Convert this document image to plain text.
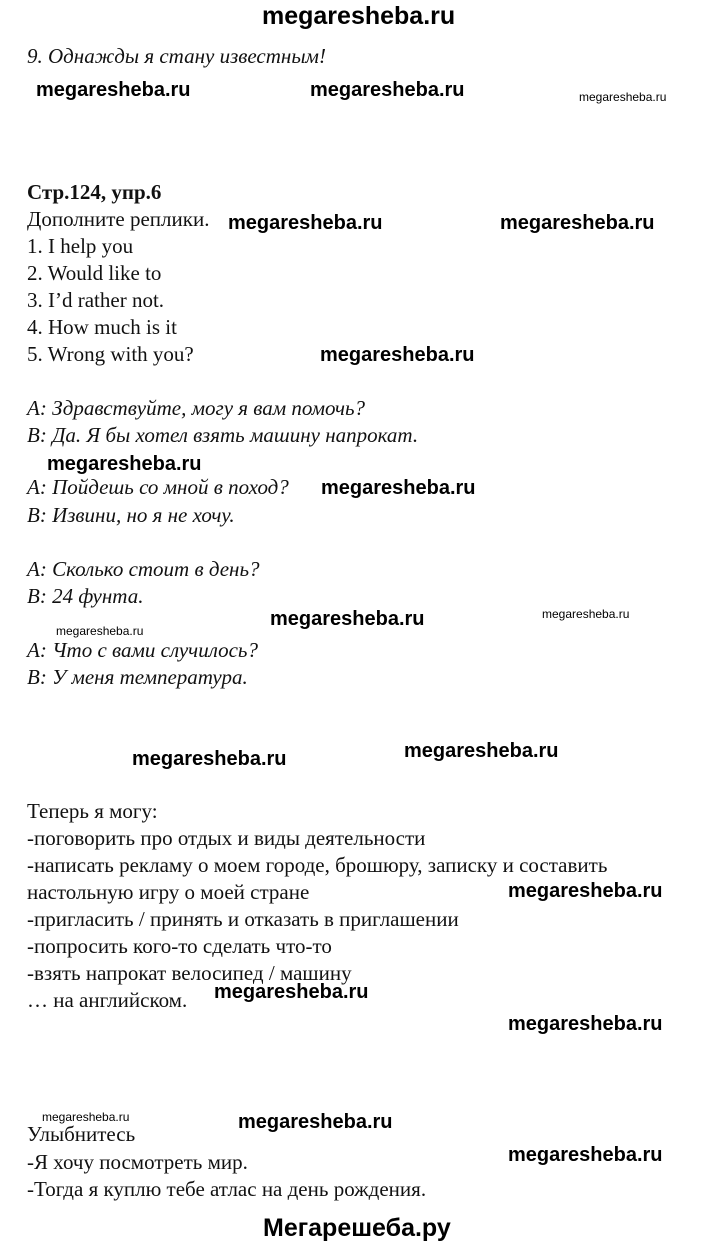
megaresheba.ru
9. Однажды я стану известным!
megaresheba.ru	megaresheba.ru	megaresheba.ru
Стр.124, упр.6
Дополните реплики. megaresheba.ru	megaresheba.ru
1. I help you
2. Would like to
3. I’d rather not.
4. How much is it
5. Wrong with you?	megaresheba.ru
A: Здравствуйте, могу я вам помочь?
B: Да. Я бы хотел взять машину напрокат.
megaresheba.ru
A: Пойдешь со мной в поход? megaresheba.ru
B: Извини, но я не хочу.
A: Сколько стоит в день?
B: 24 фунта.
megaresheba.ru	megaresheba.ru
megaresheba.ru
A: Что с вами случилось?
B: У меня температура.
megaresheba.ru
megaresheba.ru
Теперь я могу:
-поговорить про отдых и виды деятельности
-написать рекламу о моем городе, брошюру, записку и составить
настольную игру о моей стране	megaresheba.ru
-пригласить / принять и отказать в приглашении
-попросить кого-то сделать что-то
-взять напрокат велосипед / машину
… на английском. megaresheba.ru
megaresheba.ru
megaresheba.ru	megaresheba.ru
Улыбнитесь
-Я хочу посмотреть мир.	megaresheba.ru
-Тогда я куплю тебе атлас на день рождения.
Мегарешеба.ру
